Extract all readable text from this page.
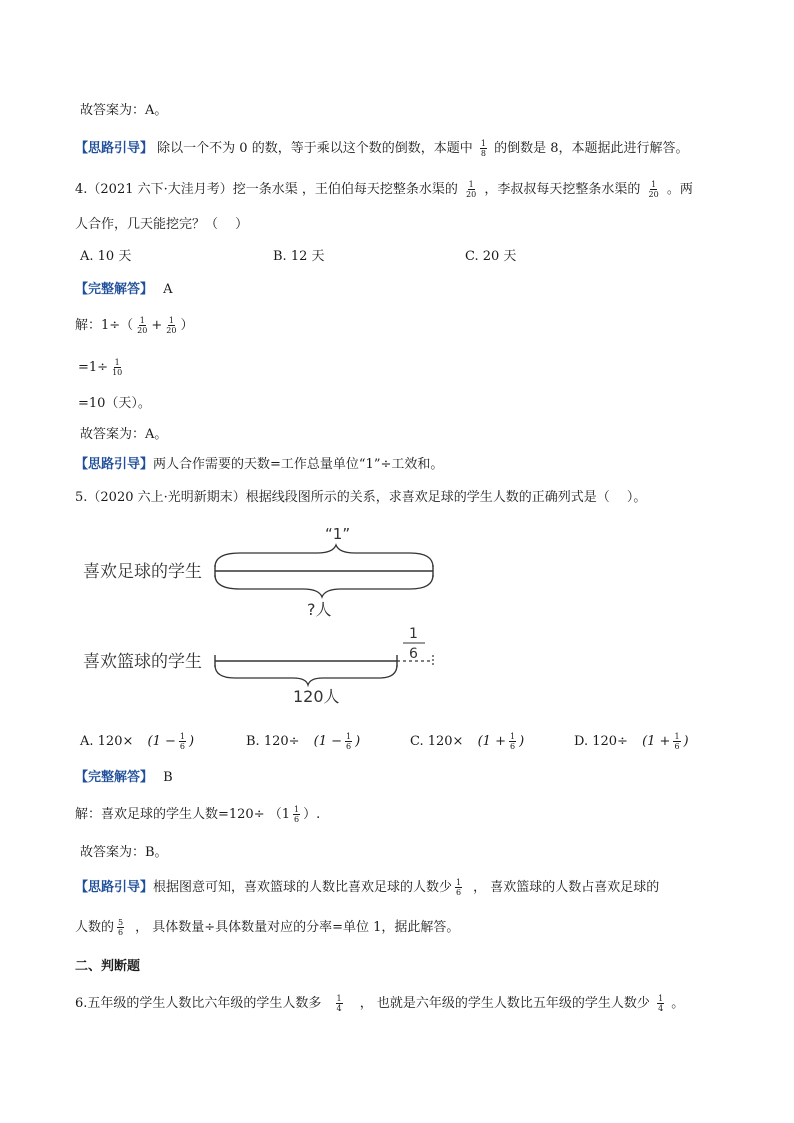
故答案为：A。
【思路引导】 除以一个不为 0 的数，等于乘以这个数的倒数，本题中 $\frac{1}{8}$ 的倒数是 8，本题据此进行解答。
4.（2021 六下·大洼月考）挖一条水渠 ，王伯伯每天挖整条水渠的 $\frac{1}{20}$ ，李叔叔每天挖整条水渠的 $\frac{1}{20}$ 。两
人合作，几天能挖完？（　 ）
A. 10 天	B. 12 天	C. 20 天
【完整解答】 A
解：$1\div( \frac{1}{20} + \frac{1}{20}$ ）
$=1\div \frac{1}{10}$
=10（天）。
故答案为：A。
【思路引导】两人合作需要的天数=工作总量单位“1”÷工效和。
5.（2020 六上·光明新期末）根据线段图所示的关系，求喜欢足球的学生人数的正确列式是（　 ）。
喜欢足球的学生
“1”
?人
喜欢篮球的学生
1
6
120人
A. $120\times (1 - \frac{1}{6}$ )	B. $120\div (1 - \frac{1}{6}$ )	C. $120\times (1 + \frac{1}{6}$ )	D. $120\div (1 + \frac{1}{6}$ )
【完整解答】 B
解：喜欢足球的学生人数$=120\div (1 \frac{1}{6}$ ）.
故答案为：B。
【思路引导】根据图意可知，喜欢篮球的人数比喜欢足球的人数少 $\frac{1}{6}$ ， 喜欢篮球的人数占喜欢足球的
人数的 $\frac{5}{6}$ ， 具体数量÷具体数量对应的分率=单位 1，据此解答。
二、判断题
6.五年级的学生人数比六年级的学生人数多 $\frac{1}{4}$ ， 也就是六年级的学生人数比五年级的学生人数少 $\frac{1}{4}$ 。
